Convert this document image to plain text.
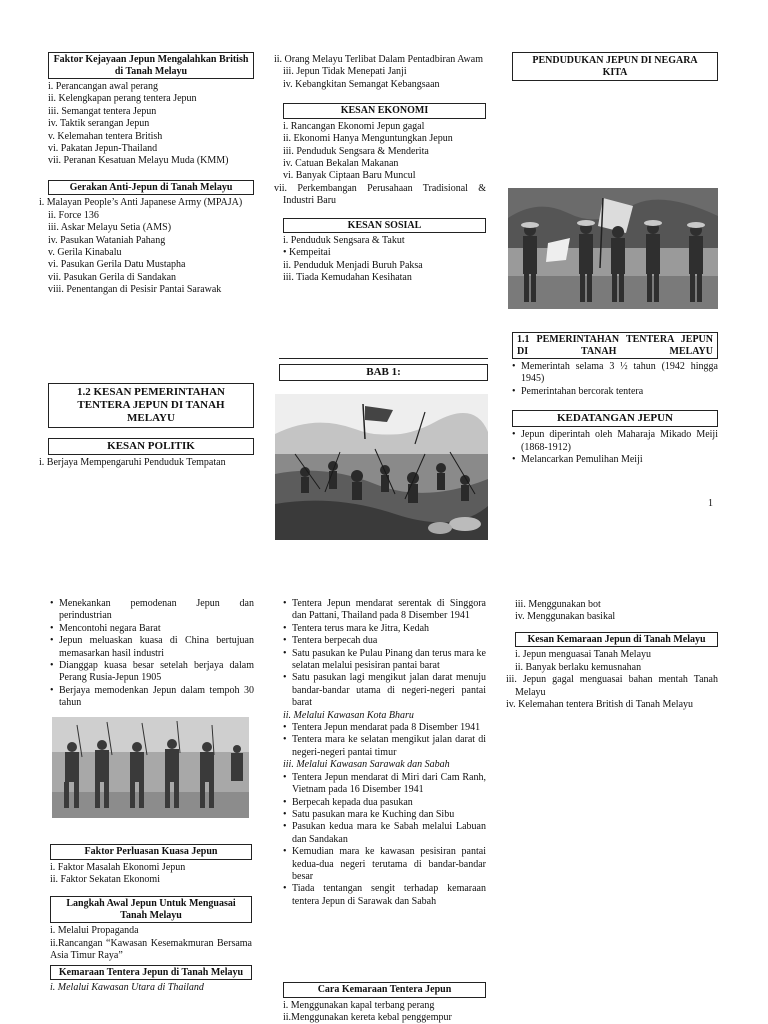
Faktor Kejayaan Jepun Mengalahkan British di Tanah Melayu
i. Perancangan awal perang
ii. Kelengkapan perang tentera Jepun
iii. Semangat tentera Jepun
iv. Taktik serangan Jepun
v. Kelemahan tentera British
vi. Pakatan Jepun-Thailand
vii. Peranan Kesatuan Melayu Muda (KMM)
Gerakan Anti-Jepun di Tanah Melayu
i. Malayan People’s Anti Japanese Army (MPAJA)
ii. Force 136
iii. Askar Melayu Setia (AMS)
iv. Pasukan Wataniah Pahang
v. Gerila Kinabalu
vi. Pasukan Gerila Datu Mustapha
vii. Pasukan Gerila di Sandakan
viii. Penentangan di Pesisir Pantai Sarawak
1.2 KESAN PEMERINTAHAN TENTERA JEPUN DI TANAH MELAYU
KESAN POLITIK
i. Berjaya Mempengaruhi Penduduk Tempatan
ii. Orang Melayu Terlibat Dalam Pentadbiran Awam
iii. Jepun Tidak Menepati Janji
iv. Kebangkitan Semangat Kebangsaan
KESAN EKONOMI
i. Rancangan Ekonomi Jepun gagal
ii. Ekonomi Hanya Menguntungkan Jepun
iii. Penduduk Sengsara & Menderita
iv. Catuan Bekalan Makanan
vi. Banyak Ciptaan Baru Muncul
vii. Perkembangan Perusahaan Tradisional & Industri Baru
KESAN SOSIAL
i. Penduduk Sengsara & Takut
• Kempeitai
ii. Penduduk Menjadi Buruh Paksa
iii. Tiada Kemudahan Kesihatan
BAB 1:
PENDUDUKAN JEPUN DI NEGARA KITA
1.1 PEMERINTAHAN TENTERA JEPUN DI TANAH MELAYU
• Memerintah selama 3 ½ tahun (1942 hingga 1945)
• Pemerintahan bercorak tentera
KEDATANGAN JEPUN
• Jepun diperintah oleh Maharaja Mikado Meiji (1868-1912)
• Melancarkan Pemulihan Meiji
1
• Menekankan pemodenan Jepun dan perindustrian
• Mencontohi negara Barat
• Jepun meluaskan kuasa di China bertujuan memasarkan hasil industri
• Dianggap kuasa besar setelah berjaya dalam Perang Rusia-Jepun 1905
• Berjaya memodenkan Jepun dalam tempoh 30 tahun
Faktor Perluasan Kuasa Jepun
i. Faktor Masalah Ekonomi Jepun
ii. Faktor Sekatan Ekonomi
Langkah Awal Jepun Untuk Menguasai Tanah Melayu
i. Melalui Propaganda
ii.Rancangan “Kawasan Kesemakmuran Bersama Asia Timur Raya”
Kemaraan Tentera Jepun di Tanah Melayu
i. Melalui Kawasan Utara di Thailand
• Tentera Jepun mendarat serentak di Singgora dan Pattani, Thailand pada 8 Disember 1941
• Tentera terus mara ke Jitra, Kedah
• Tentera berpecah dua
• Satu pasukan ke Pulau Pinang dan terus mara ke selatan melalui pesisiran pantai barat
• Satu pasukan lagi mengikut jalan darat menuju bandar-bandar utama di negeri-negeri pantai barat
ii. Melalui Kawasan Kota Bharu
• Tentera Jepun mendarat pada 8 Disember 1941
• Tentera mara ke selatan mengikut jalan darat di negeri-negeri pantai timur
iii. Melalui Kawasan Sarawak dan Sabah
• Tentera Jepun mendarat di Miri dari Cam Ranh, Vietnam pada 16 Disember 1941
• Berpecah kepada dua pasukan
• Satu pasukan mara ke Kuching dan Sibu
• Pasukan kedua mara ke Sabah melalui Labuan dan Sandakan
• Kemudian mara ke kawasan pesisiran pantai kedua-dua negeri terutama di bandar-bandar besar
• Tiada tentangan sengit terhadap kemaraan tentera Jepun di Sarawak dan Sabah
Cara Kemaraan Tentera Jepun
i. Menggunakan kapal terbang perang
ii.Menggunakan kereta kebal penggempur
iii. Menggunakan bot
iv. Menggunakan basikal
Kesan Kemaraan Jepun di Tanah Melayu
i. Jepun menguasai Tanah Melayu
ii. Banyak berlaku kemusnahan
iii. Jepun gagal menguasai bahan mentah Tanah Melayu
iv. Kelemahan tentera British di Tanah Melayu
